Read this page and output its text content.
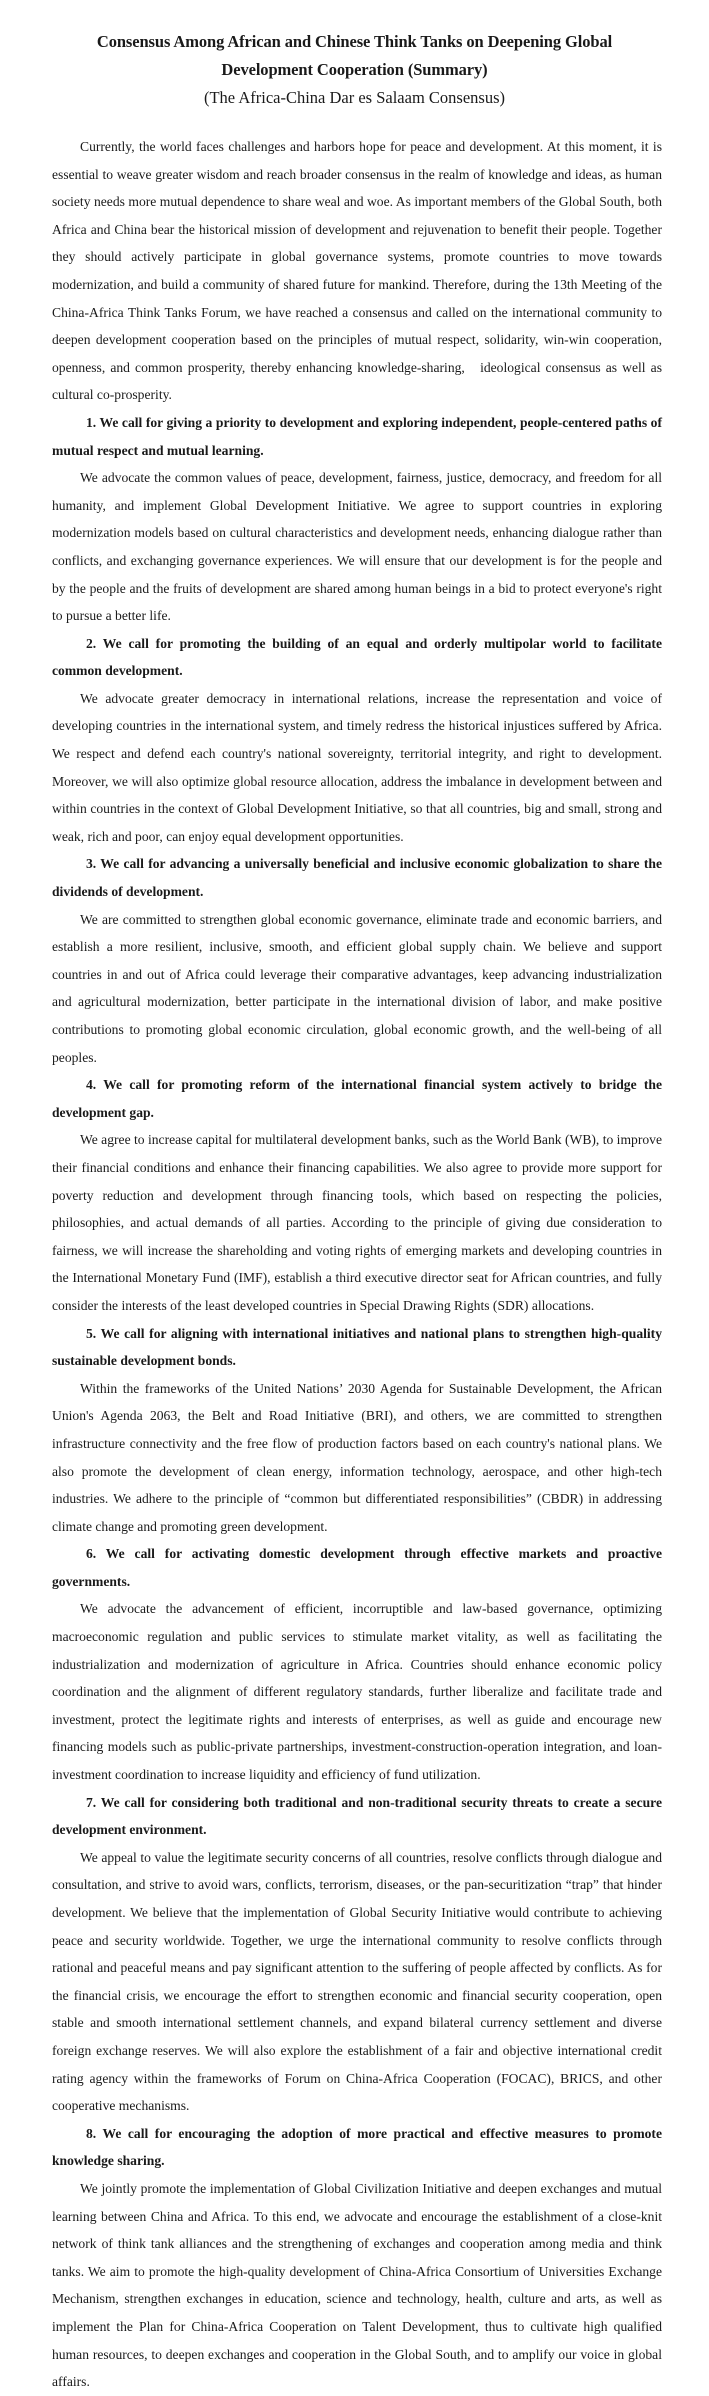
Consensus Among African and Chinese Think Tanks on Deepening Global
Development Cooperation (Summary)

(The Africa-China Dar es Salaam Consensus)

Currently, the world faces challenges and harbors hope for peace and development. At this moment, it is essential to weave greater wisdom and reach broader consensus in the realm of knowledge and ideas, as human society needs more mutual dependence to share weal and woe. As important members of the Global South, both Africa and China bear the historical mission of development and rejuvenation to benefit their people. Together they should actively participate in global governance systems, promote countries to move towards modernization, and build a community of shared future for mankind. Therefore, during the 13th Meeting of the China-Africa Think Tanks Forum, we have reached a consensus and called on the international community to deepen development cooperation based on the principles of mutual respect, solidarity, win-win cooperation, openness, and common prosperity, thereby enhancing knowledge-sharing,   ideological consensus as well as cultural co-prosperity.

1. We call for giving a priority to development and exploring independent, people-centered paths of mutual respect and mutual learning.

We advocate the common values of peace, development, fairness, justice, democracy, and freedom for all humanity, and implement Global Development Initiative. We agree to support countries in exploring modernization models based on cultural characteristics and development needs, enhancing dialogue rather than conflicts, and exchanging governance experiences. We will ensure that our development is for the people and by the people and the fruits of development are shared among human beings in a bid to protect everyone's right to pursue a better life.

2. We call for promoting the building of an equal and orderly multipolar world to facilitate common development.

We advocate greater democracy in international relations, increase the representation and voice of developing countries in the international system, and timely redress the historical injustices suffered by Africa. We respect and defend each country's national sovereignty, territorial integrity, and right to development. Moreover, we will also optimize global resource allocation, address the imbalance in development between and within countries in the context of Global Development Initiative, so that all countries, big and small, strong and weak, rich and poor, can enjoy equal development opportunities.

3. We call for advancing a universally beneficial and inclusive economic globalization to share the dividends of development.

We are committed to strengthen global economic governance, eliminate trade and economic barriers, and establish a more resilient, inclusive, smooth, and efficient global supply chain. We believe and support countries in and out of Africa could leverage their comparative advantages, keep advancing industrialization and agricultural modernization, better participate in the international division of labor, and make positive contributions to promoting global economic circulation, global economic growth, and the well-being of all peoples.

4. We call for promoting reform of the international financial system actively to bridge the development gap.

We agree to increase capital for multilateral development banks, such as the World Bank (WB), to improve their financial conditions and enhance their financing capabilities. We also agree to provide more support for poverty reduction and development through financing tools, which based on respecting the policies, philosophies, and actual demands of all parties. According to the principle of giving due consideration to fairness, we will increase the shareholding and voting rights of emerging markets and developing countries in the International Monetary Fund (IMF), establish a third executive director seat for African countries, and fully consider the interests of the least developed countries in Special Drawing Rights (SDR) allocations.

5. We call for aligning with international initiatives and national plans to strengthen high-quality sustainable development bonds.

Within the frameworks of the United Nations’ 2030 Agenda for Sustainable Development, the African Union's Agenda 2063, the Belt and Road Initiative (BRI), and others, we are committed to strengthen infrastructure connectivity and the free flow of production factors based on each country's national plans. We also promote the development of clean energy, information technology, aerospace, and other high-tech industries. We adhere to the principle of “common but differentiated responsibilities” (CBDR) in addressing climate change and promoting green development.

6. We call for activating domestic development through effective markets and proactive governments.

We advocate the advancement of efficient, incorruptible and law-based governance, optimizing macroeconomic regulation and public services to stimulate market vitality, as well as facilitating the industrialization and modernization of agriculture in Africa. Countries should enhance economic policy coordination and the alignment of different regulatory standards, further liberalize and facilitate trade and investment, protect the legitimate rights and interests of enterprises, as well as guide and encourage new financing models such as public-private partnerships, investment-construction-operation integration, and loan-investment coordination to increase liquidity and efficiency of fund utilization.

7. We call for considering both traditional and non-traditional security threats to create a secure development environment.

We appeal to value the legitimate security concerns of all countries, resolve conflicts through dialogue and consultation, and strive to avoid wars, conflicts, terrorism, diseases, or the pan-securitization “trap” that hinder development. We believe that the implementation of Global Security Initiative would contribute to achieving peace and security worldwide. Together, we urge the international community to resolve conflicts through rational and peaceful means and pay significant attention to the suffering of people affected by conflicts. As for the financial crisis, we encourage the effort to strengthen economic and financial security cooperation, open stable and smooth international settlement channels, and expand bilateral currency settlement and diverse foreign exchange reserves. We will also explore the establishment of a fair and objective international credit rating agency within the frameworks of Forum on China-Africa Cooperation (FOCAC), BRICS, and other cooperative mechanisms.

8. We call for encouraging the adoption of more practical and effective measures to promote knowledge sharing.

We jointly promote the implementation of Global Civilization Initiative and deepen exchanges and mutual learning between China and Africa. To this end, we advocate and encourage the establishment of a close-knit network of think tank alliances and the strengthening of exchanges and cooperation among media and think tanks. We aim to promote the high-quality development of China-Africa Consortium of Universities Exchange Mechanism, strengthen exchanges in education, science and technology, health, culture and arts, as well as implement the Plan for China-Africa Cooperation on Talent Development, thus to cultivate high qualified human resources, to deepen exchanges and cooperation in the Global South, and to amplify our voice in global affairs.
